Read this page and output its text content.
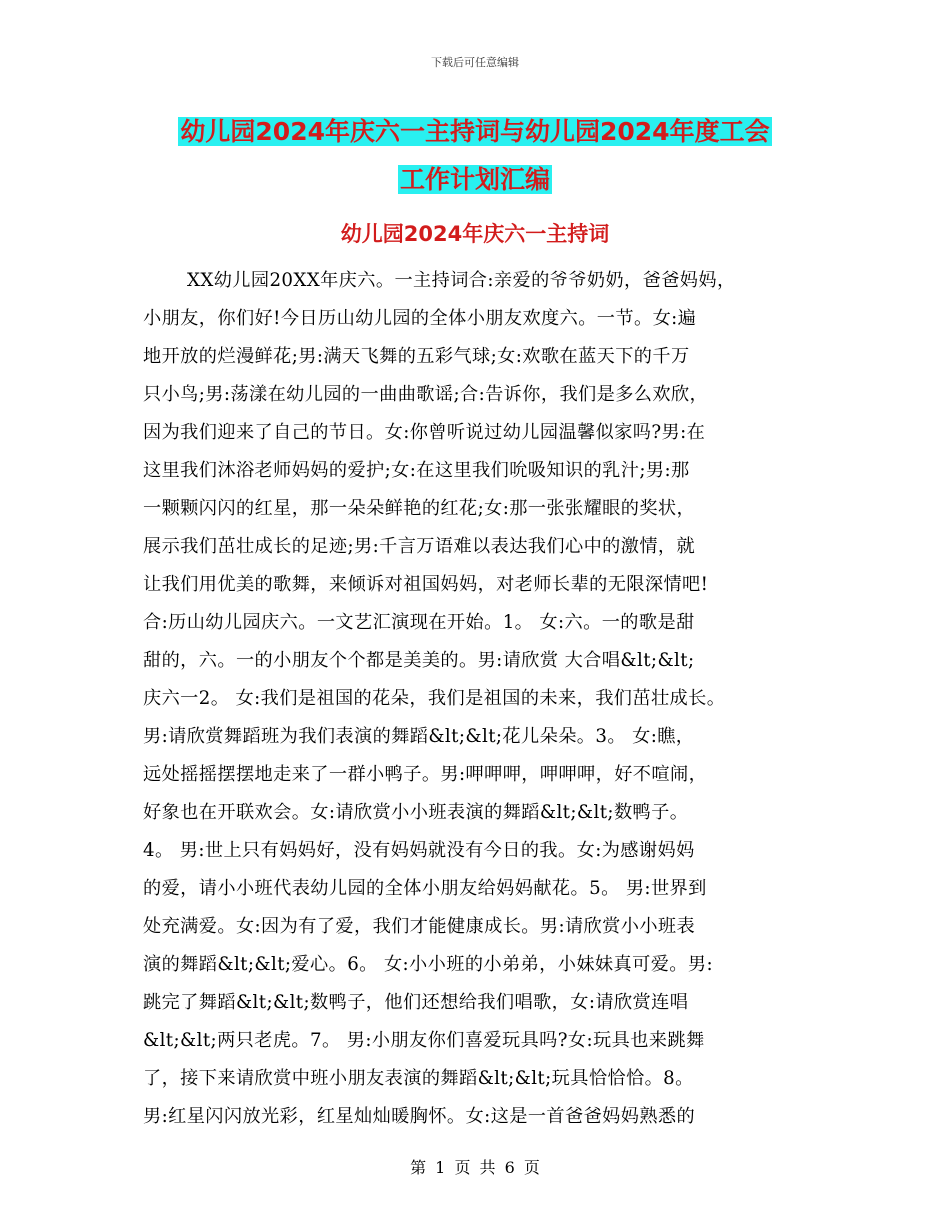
下载后可任意编辑
幼儿园2024年庆六一主持词与幼儿园2024年度工会
工作计划汇编
幼儿园2024年庆六一主持词
XX幼儿园20XX年庆六。一主持词合:亲爱的爷爷奶奶，爸爸妈妈，
小朋友，你们好!今日历山幼儿园的全体小朋友欢度六。一节。女:遍
地开放的烂漫鲜花;男:满天飞舞的五彩气球;女:欢歌在蓝天下的千万
只小鸟;男:荡漾在幼儿园的一曲曲歌谣;合:告诉你，我们是多么欢欣，
因为我们迎来了自己的节日。女:你曾听说过幼儿园温馨似家吗?男:在
这里我们沐浴老师妈妈的爱护;女:在这里我们吮吸知识的乳汁;男:那
一颗颗闪闪的红星，那一朵朵鲜艳的红花;女:那一张张耀眼的奖状，
展示我们茁壮成长的足迹;男:千言万语难以表达我们心中的激情，就
让我们用优美的歌舞，来倾诉对祖国妈妈，对老师长辈的无限深情吧!
合:历山幼儿园庆六。一文艺汇演现在开始。1。 女:六。一的歌是甜
甜的，六。一的小朋友个个都是美美的。男:请欣赏 大合唱&lt;&lt;
庆六一2。 女:我们是祖国的花朵，我们是祖国的未来，我们茁壮成长。
男:请欣赏舞蹈班为我们表演的舞蹈&lt;&lt;花儿朵朵。3。 女:瞧，
远处摇摇摆摆地走来了一群小鸭子。男:呷呷呷，呷呷呷，好不喧闹，
好象也在开联欢会。女:请欣赏小小班表演的舞蹈&lt;&lt;数鸭子。
4。 男:世上只有妈妈好，没有妈妈就没有今日的我。女:为感谢妈妈
的爱，请小小班代表幼儿园的全体小朋友给妈妈献花。5。 男:世界到
处充满爱。女:因为有了爱，我们才能健康成长。男:请欣赏小小班表
演的舞蹈&lt;&lt;爱心。6。 女:小小班的小弟弟，小妹妹真可爱。男:
跳完了舞蹈&lt;&lt;数鸭子，他们还想给我们唱歌，女:请欣赏连唱
&lt;&lt;两只老虎。7。 男:小朋友你们喜爱玩具吗?女:玩具也来跳舞
了，接下来请欣赏中班小朋友表演的舞蹈&lt;&lt;玩具恰恰恰。8。
男:红星闪闪放光彩，红星灿灿暖胸怀。女:这是一首爸爸妈妈熟悉的
第 1 页 共 6 页
